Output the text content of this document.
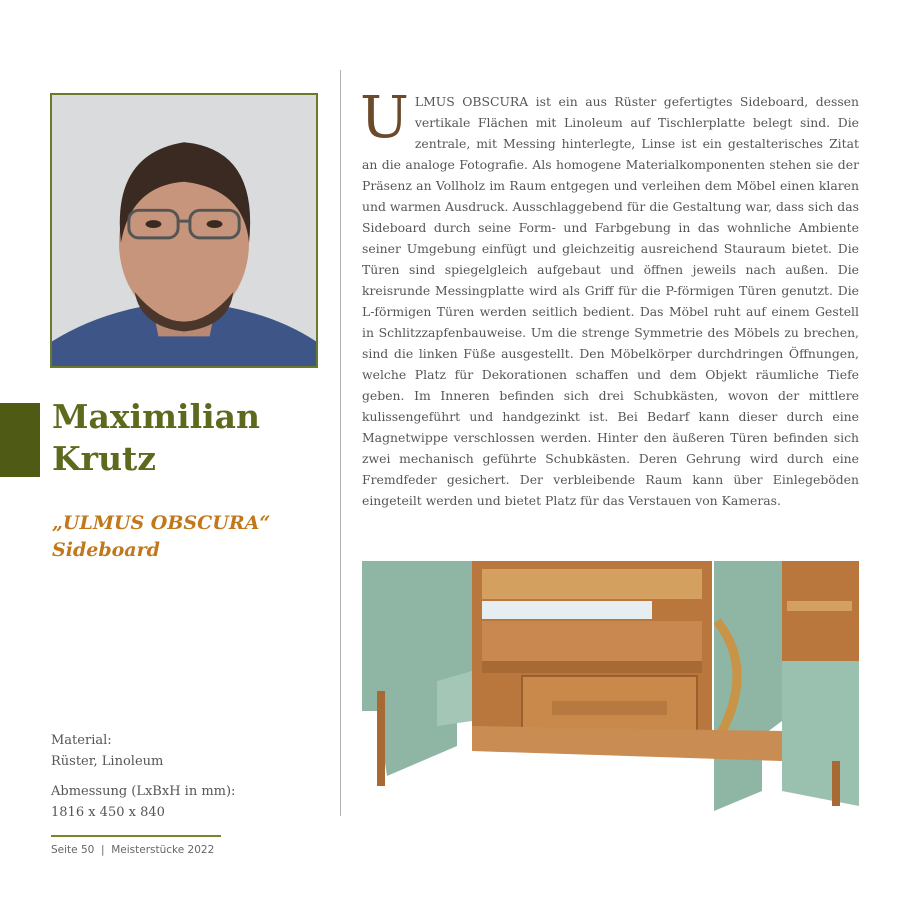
Maximilian
Krutz
„ULMUS OBSCURA“
Sideboard
Material:
Rüster, Linoleum
Abmessung (LxBxH in mm):
1816 x 450 x 840
Seite 50  |  Meisterstücke 2022
ULMUS OBSCURA ist ein aus Rüster gefertigtes Sideboard, dessen vertikale Flächen mit Linoleum auf Tischlerplatte belegt sind. Die zentrale, mit Messing hinterlegte, Linse ist ein gestalterisches Zitat an die analoge Fotografie. Als homogene Materialkomponenten stehen sie der Präsenz an Vollholz im Raum entgegen und verleihen dem Möbel einen klaren und warmen Ausdruck. Ausschlaggebend für die Gestaltung war, dass sich das Sideboard durch seine Form- und Farbgebung in das wohnliche Ambiente seiner Umgebung einfügt und gleichzeitig ausreichend Stauraum bietet. Die Türen sind spiegelgleich aufgebaut und öffnen jeweils nach außen. Die kreisrunde Messingplatte wird als Griff für die P-förmigen Türen genutzt. Die L-förmigen Türen werden seitlich bedient. Das Möbel ruht auf einem Gestell in Schlitzzapfenbauweise. Um die strenge Symmetrie des Möbels zu brechen, sind die linken Füße ausgestellt. Den Möbelkörper durchdringen Öffnungen, welche Platz für Dekorationen schaffen und dem Objekt räumliche Tiefe geben. Im Inneren befinden sich drei Schubkästen, wovon der mittlere kulissengeführt und handgezinkt ist. Bei Bedarf kann dieser durch eine Magnetwippe verschlossen werden. Hinter den äußeren Türen befinden sich zwei mechanisch geführte Schubkästen. Deren Gehrung wird durch eine Fremdfeder gesichert. Der verbleibende Raum kann über Einlegeböden eingeteilt werden und bietet Platz für das Verstauen von Kameras.
